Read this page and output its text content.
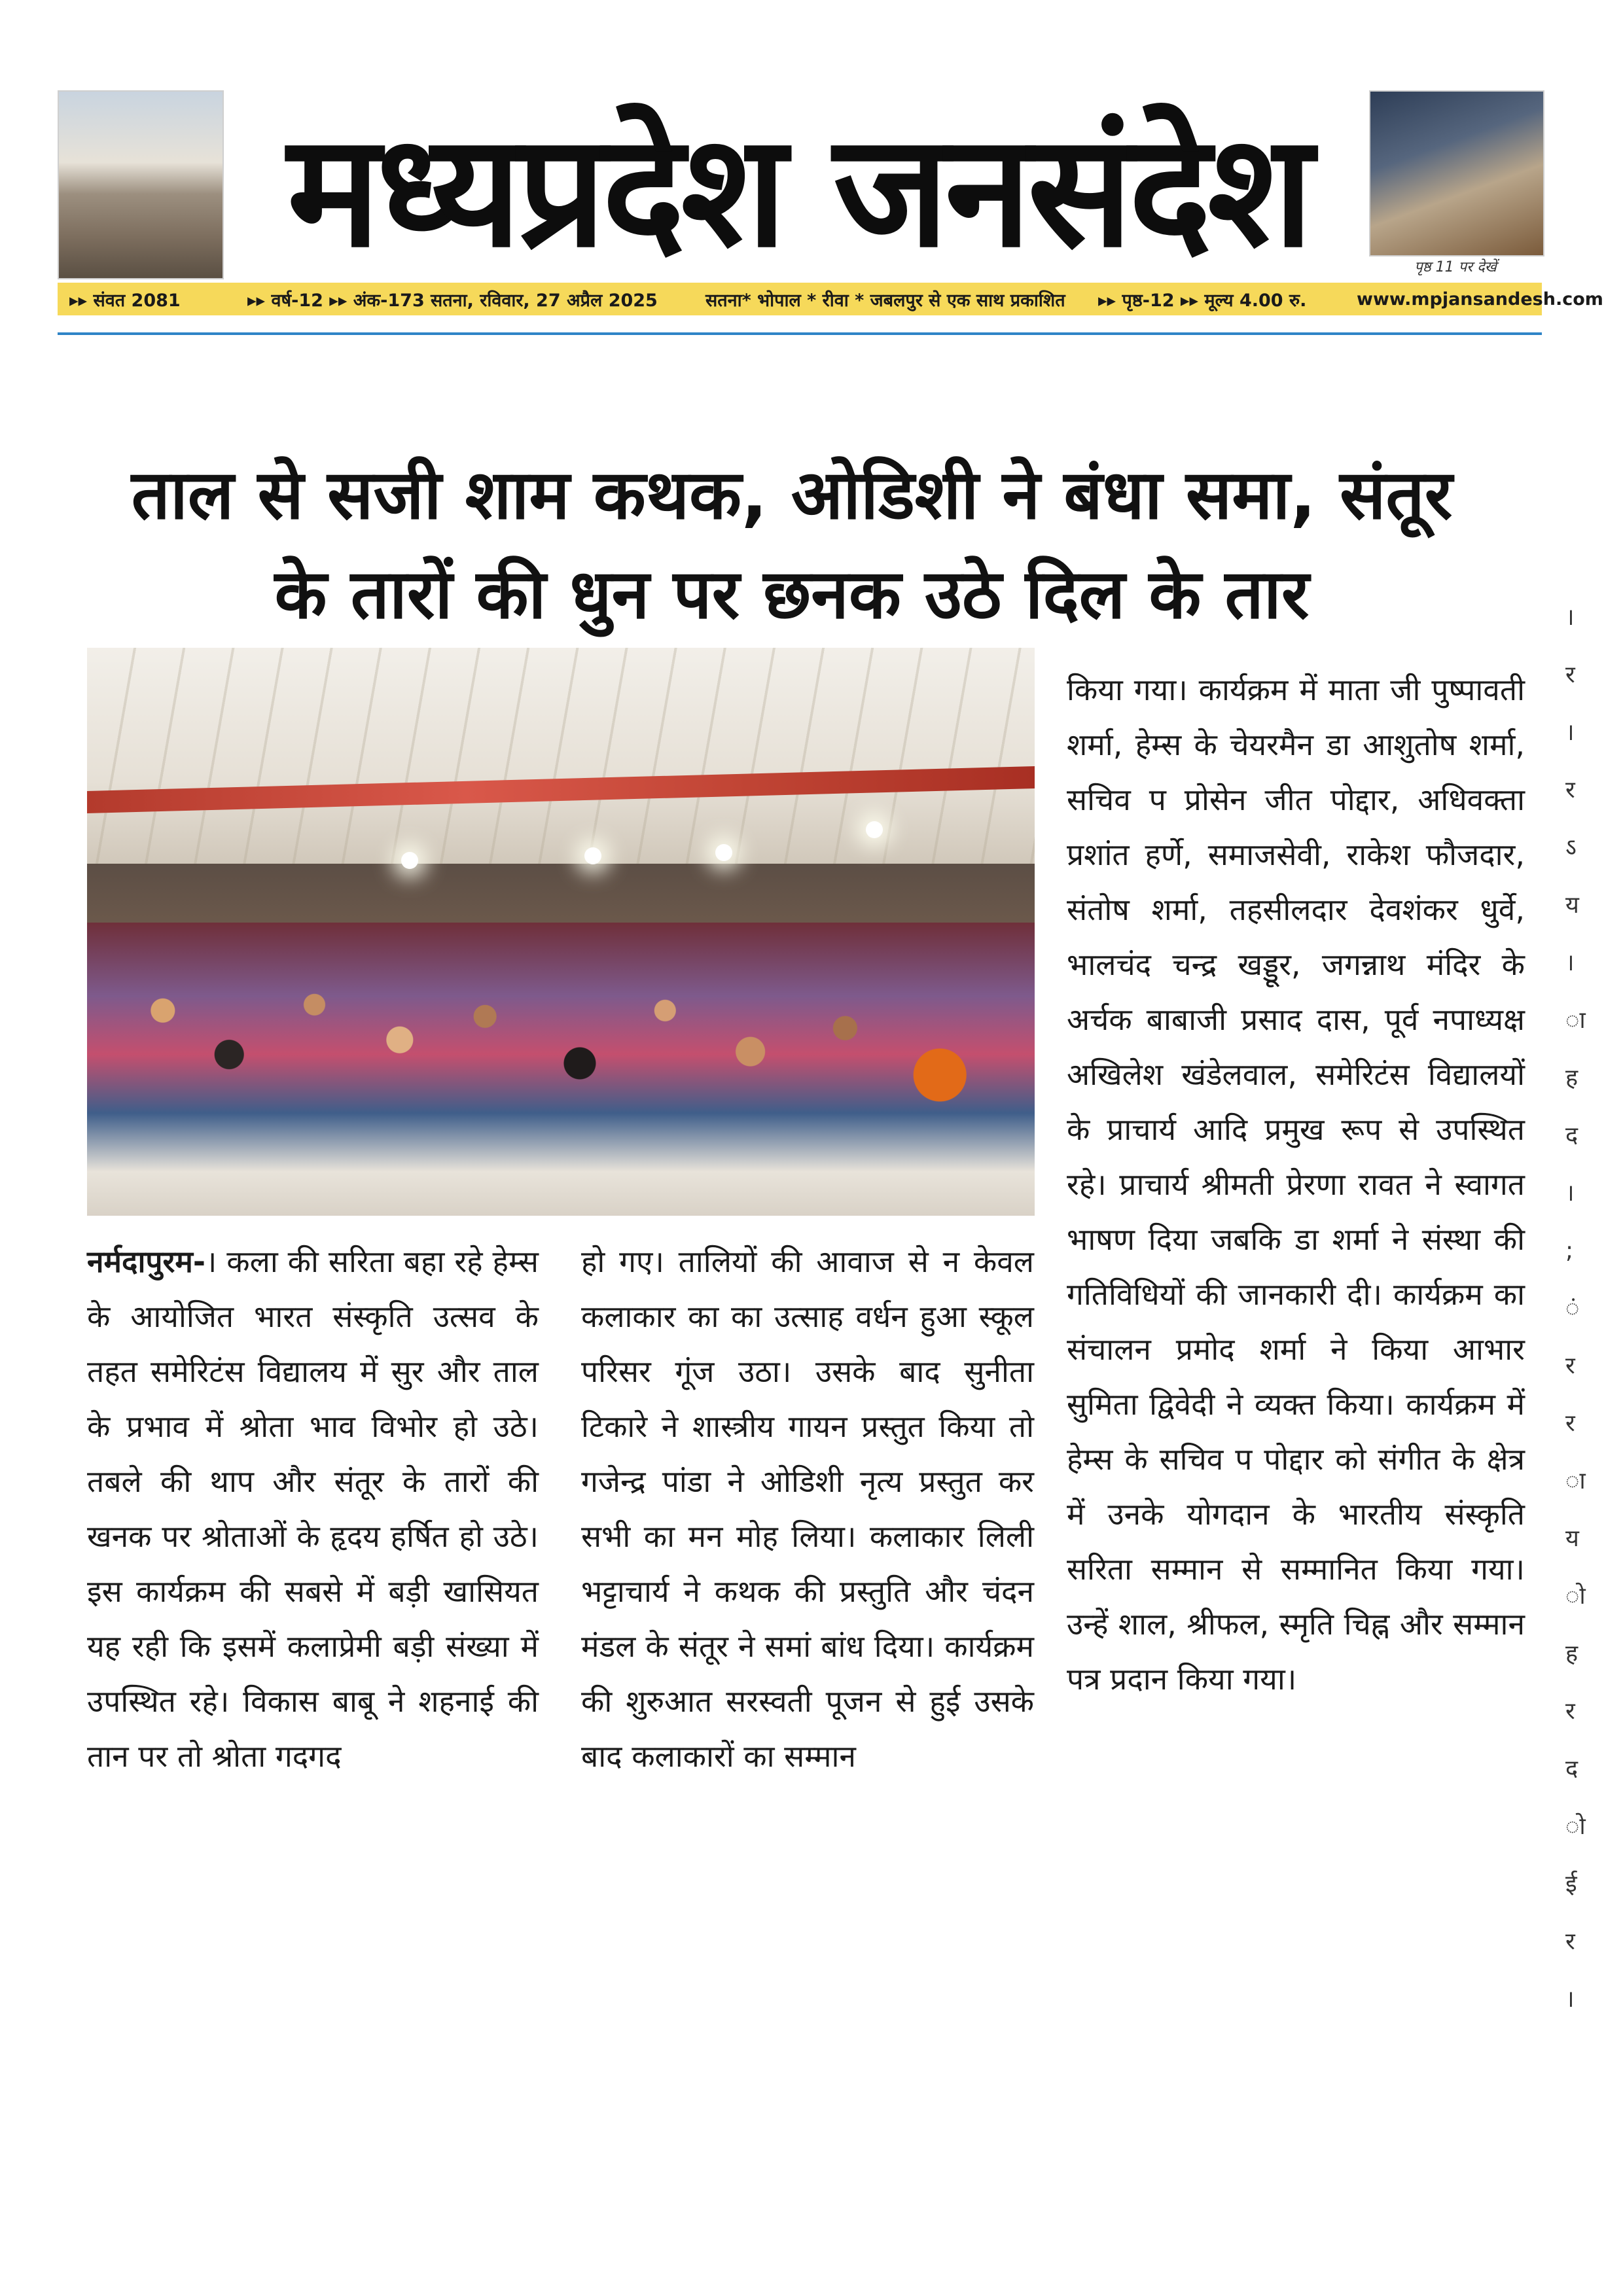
मध्यप्रदेश जनसंदेश	पृष्ठ 11 पर देखें
▸▸ संवत 2081	▸▸ वर्ष-12 ▸▸ अंक-173 सतना, रविवार, 27 अप्रैल 2025	सतना* भोपाल * रीवा * जबलपुर से एक साथ प्रकाशित ▸▸ पृष्ठ-12 ▸▸ मूल्य 4.00 रु.	www.mpjansandesh.com
ताल से सजी शाम कथक, ओडिशी ने बंधा समा, संतूर
के तारों की धुन पर छनक उठे दिल के तार
नर्मदापुरम-। कला की सरिता बहा रहे हेम्स के आयोजित भारत संस्कृति उत्सव के तहत समेरिटंस विद्यालय में सुर और ताल के प्रभाव में श्रोता भाव विभोर हो उठे। तबले की थाप और संतूर के तारों की खनक पर श्रोताओं के हृदय हर्षित हो उठे। इस कार्यक्रम की सबसे में बड़ी खासियत यह रही कि इसमें कलाप्रेमी बड़ी संख्या में उपस्थित रहे। विकास बाबू ने शहनाई की तान पर तो श्रोता गदगद
हो गए। तालियों की आवाज से न केवल कलाकार का का उत्साह वर्धन हुआ स्कूल परिसर गूंज उठा। उसके बाद सुनीता टिकारे ने शास्त्रीय गायन प्रस्तुत किया तो गजेन्द्र पांडा ने ओडिशी नृत्य प्रस्तुत कर सभी का मन मोह लिया। कलाकार लिली भट्टाचार्य ने कथक की प्रस्तुति और चंदन मंडल के संतूर ने समां बांध दिया। कार्यक्रम की शुरुआत सरस्वती पूजन से हुई उसके बाद कलाकारों का सम्मान
किया गया। कार्यक्रम में माता जी पुष्पावती शर्मा, हेम्स के चेयरमैन डा आशुतोष शर्मा, सचिव प प्रोसेन जीत पोद्दार, अधिवक्ता प्रशांत हर्णे, समाजसेवी, राकेश फौजदार, संतोष शर्मा, तहसीलदार देवशंकर धुर्वे, भालचंद चन्द्र खड्डूर, जगन्नाथ मंदिर के अर्चक बाबाजी प्रसाद दास, पूर्व नपाध्यक्ष अखिलेश खंडेलवाल, समेरिटंस विद्यालयों के प्राचार्य आदि प्रमुख रूप से उपस्थित रहे। प्राचार्य श्रीमती प्रेरणा रावत ने स्वागत भाषण दिया जबकि डा शर्मा ने संस्था की गतिविधियों की जानकारी दी। कार्यक्रम का संचालन प्रमोद शर्मा ने किया आभार सुमिता द्विवेदी ने व्यक्त किया। कार्यक्रम में हेम्स के सचिव प पोद्दार को संगीत के क्षेत्र में उनके योगदान के भारतीय संस्कृति सरिता सम्मान से सम्मानित किया गया। उन्हें शाल, श्रीफल, स्मृति चिह्न और सम्मान पत्र प्रदान किया गया।
।
र
।
र
ऽ
य
।
ा
ह
द
।
;
ं
र
र
ा
य
ो
ह
र
द
ो
ई
र
।
